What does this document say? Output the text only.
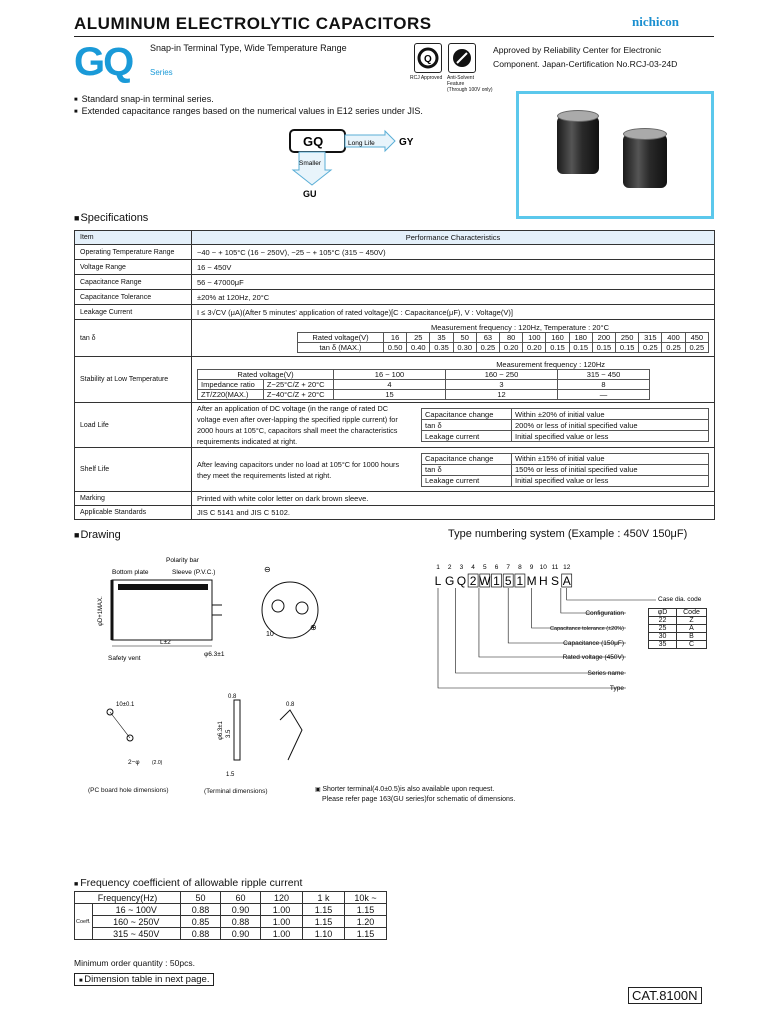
ALUMINUM ELECTROLYTIC CAPACITORS	nichicon
GQ Snap-in Terminal Type, Wide Temperature Range
Series
Q
RCJ Approved Anti-Solvent
Feature
(Through 100V only)
Approved by Reliability Center for Electronic
Component. Japan-Certification No.RCJ-03-24D
■ Standard snap-in terminal series.
■ Extended capacitance ranges based on the numerical values in E12 series under JIS.
GQ	Long Life GY
Smaller
GU
■ Specifications
Item	Performance Characteristics
Operating Temperature Range	−40 ~ + 105°C (16 ~ 250V), −25 ~ + 105°C (315 ~ 450V)
Voltage Range	16 ~ 450V
Capacitance Range	56 ~ 47000μF
Capacitance Tolerance	±20% at 120Hz, 20°C
Leakage Current	I ≤ 3√CV (μA)(After 5 minutes' application of rated voltage)[C : Capacitance(μF), V : Voltage(V)]
tan δ	
Measurement frequency : 120Hz, Temperature : 20°C
Rated voltage(V)	16	25	35	50	63	80	100	160	180	200	250	315	400	450
tan δ (MAX.)	0.50	0.40	0.35	0.30	0.25	0.20	0.20	0.15	0.15	0.15	0.15	0.25	0.25	0.25

Stability at Low Temperature	
Measurement frequency : 120Hz
Rated voltage(V)	16 ~ 100	160 ~ 250	315 ~ 450
Impedance ratio	Z−25°C/Z + 20°C	4	3	8
ZT/Z20(MAX.)	Z−40°C/Z + 20°C	15	12	—

Load Life	
After an application of DC voltage (in the range of rated DC voltage even after over-lapping the specified ripple current) for 2000 hours at 105°C, capacitors shall meet the characteristics requirements indicated at right.
Capacitance change	Within ±20% of initial value
tan δ	200% or less of initial specified value
Leakage current	Initial specified value or less

Shelf Life	
After leaving capacitors under no load at 105°C for 1000 hours they meet the requirements listed at right.
Capacitance change	Within ±15% of initial value
tan δ	150% or less of initial specified value
Leakage current	Initial specified value or less

Marking	Printed with white color letter on dark brown sleeve.
Applicable Standards	JIS C 5141 and JIS C 5102.
■ Drawing
Polarity bar
Bottom plate	Sleeve (P.V.C.)
φD+1MAX.
L±2
Safety vent
φ6.3±1
⊖
⊕
10
10±0.1
2−φ (2.0)
0.8
φ6.3±1 3.5
1.5
0.8
(PC board hole dimensions)	(Terminal dimensions)	▣ Shorter terminal(4.0±0.5)is also available upon request.
Please refer page 163(GU series)for schematic of dimensions.
Type numbering system (Example : 450V 150μF)
1 2 3 4 5 6 7 8 9 10 11 12
L G Q 2 W 1 5 1 M H S A
Configuration
Capacitance tolerance (±20%)
Capacitance (150μF)
Rated voltage (450V)
Series name
Type
Case dia. code
φD	Code
22	Z
25	A
30	B
35	C
■ Frequency coefficient of allowable ripple current
Frequency(Hz)		50	60	120	1 k	10k ~
Coeff.	16 ~ 100V	0.88	0.90	1.00	1.15	1.15
	160 ~ 250V	0.85	0.88	1.00	1.15	1.20
	315 ~ 450V	0.88	0.90	1.00	1.10	1.15
Minimum order quantity : 50pcs.
■ Dimension table in next page.
CAT.8100N
